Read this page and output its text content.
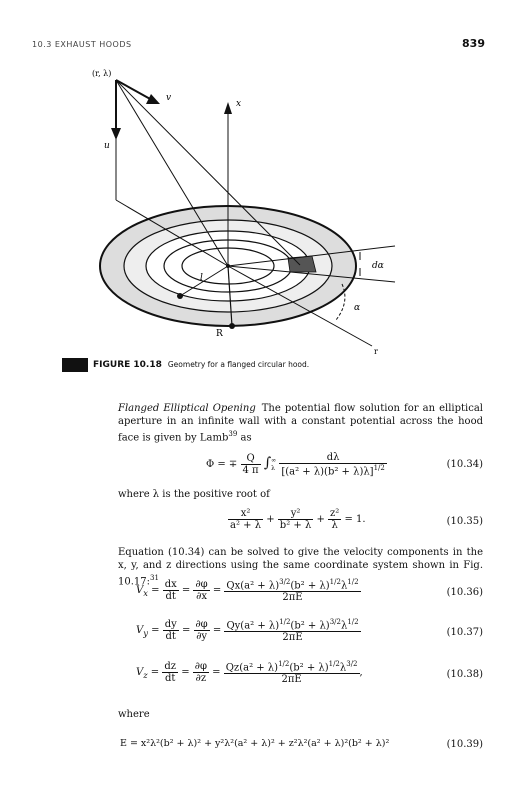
10.3 EXHAUST HOODS	839
(r, λ)
v
u
x
l
R
dα
α
r
FIGURE 10.18 Geometry for a flanged circular hood.
Flanged Elliptical Opening The potential flow solution for an elliptical aperture in an infinite wall with a constant potential across the hood face is given by Lamb$^{39}$ as
Φ = ∓ $\frac{Q}{4 \pi}$ ∫∞
λ $\frac{d\lambda}{[(a^2 + \lambda)(b^2 + \lambda)\lambda]^{1/2}}$	(10.34)
where λ is the positive root of
$\frac{\text{x²}}{\text{a² + λ}} + \frac{\text{y²}}{\text{b² + λ}} + \frac{\text{z²}}{\lambda} = 1$.	(10.35)
Equation (10.34) can be solved to give the velocity components in the x, y, and z directions using the same coordinate system shown in Fig. 10.17:$^{31}$
$V_x = \frac{dx}{dt} = \frac{\partial\varphi}{\partial x} = \frac{Qx(a^2 + \lambda)^{3/2}(b^2 + \lambda)^{1/2}\lambda^{1/2}}{2\pi E}$	(10.36)
$V_y = \frac{dy}{dt} = \frac{\partial\varphi}{\partial y} = \frac{Qy(a^2 + \lambda)^{1/2}(b^2 + \lambda)^{3/2}\lambda^{1/2}}{2\pi E}$	(10.37)
$V_z = \frac{dz}{dt} = \frac{\partial\varphi}{\partial z} = \frac{Qz(a^2 + \lambda)^{1/2}(b^2 + \lambda)^{1/2}\lambda^{3/2}}{2\pi E}$ ,	(10.38)
where
E = x²λ²(b² + λ)² + y²λ²(a² + λ)² + z²λ²(a² + λ)²(b² + λ)²	(10.39)
